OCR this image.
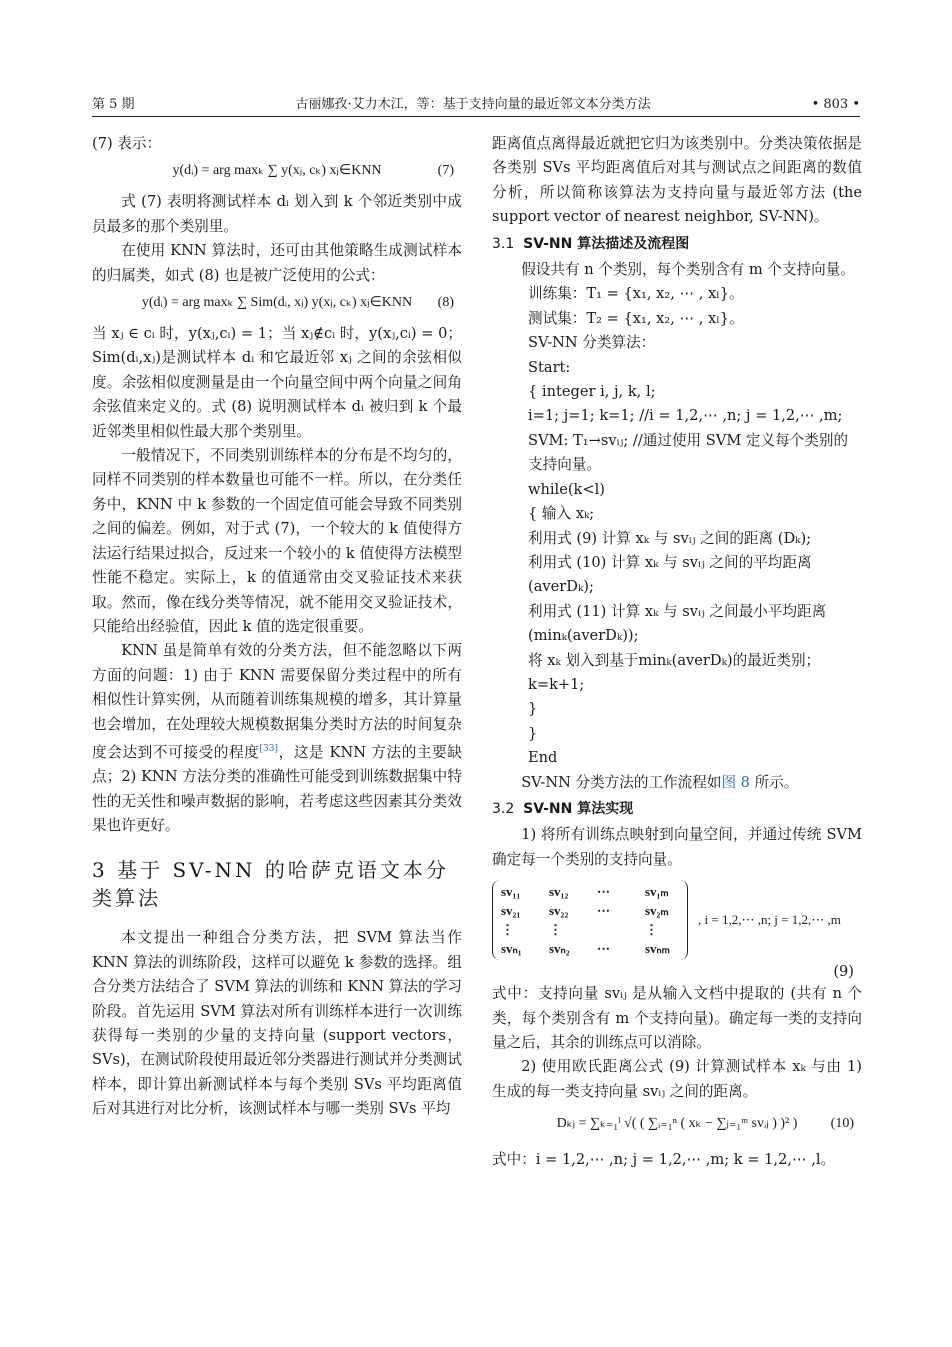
第 5 期	古丽娜孜·艾力木江，等：基于支持向量的最近邻文本分类方法	• 803 •

(7) 表示：

y(dᵢ) = arg maxₖ ∑ y(xⱼ, cₖ) xⱼ∈KNN	(7)

式 (7) 表明将测试样本 dᵢ 划入到 k 个邻近类别中成员最多的那个类别里。

在使用 KNN 算法时，还可由其他策略生成测试样本的归属类，如式 (8) 也是被广泛使用的公式：

y(dᵢ) = arg maxₖ ∑ Sim(dᵢ, xⱼ) y(xⱼ, cₖ) xⱼ∈KNN (8)

当 xⱼ ∈ cᵢ 时，y(xⱼ,cᵢ) = 1；当 xⱼ∉cᵢ 时，y(xⱼ,cᵢ) = 0；Sim(dᵢ,xⱼ)是测试样本 dᵢ 和它最近邻 xⱼ 之间的余弦相似度。余弦相似度测量是由一个向量空间中两个向量之间角余弦值来定义的。式 (8) 说明测试样本 dᵢ 被归到 k 个最近邻类里相似性最大那个类别里。

一般情况下，不同类别训练样本的分布是不均匀的，同样不同类别的样本数量也可能不一样。所以，在分类任务中，KNN 中 k 参数的一个固定值可能会导致不同类别之间的偏差。例如，对于式 (7)，一个较大的 k 值使得方法运行结果过拟合，反过来一个较小的 k 值使得方法模型性能不稳定。实际上，k 的值通常由交叉验证技术来获取。然而，像在线分类等情况，就不能用交叉验证技术，只能给出经验值，因此 k 值的选定很重要。

KNN 虽是简单有效的分类方法，但不能忽略以下两方面的问题：1) 由于 KNN 需要保留分类过程中的所有相似性计算实例，从而随着训练集规模的增多，其计算量也会增加，在处理较大规模数据集分类时方法的时间复杂度会达到不可接受的程度[33]，这是 KNN 方法的主要缺点；2) KNN 方法分类的准确性可能受到训练数据集中特性的无关性和噪声数据的影响，若考虑这些因素其分类效果也许更好。

3 基于 SV-NN 的哈萨克语文本分类算法

本文提出一种组合分类方法，把 SVM 算法当作 KNN 算法的训练阶段，这样可以避免 k 参数的选择。组合分类方法结合了 SVM 算法的训练和 KNN 算法的学习阶段。首先运用 SVM 算法对所有训练样本进行一次训练获得每一类别的少量的支持向量 (support vectors，SVs)，在测试阶段使用最近邻分类器进行测试并分类测试样本，即计算出新测试样本与每个类别 SVs 平均距离值后对其进行对比分析，该测试样本与哪一类别 SVs 平均

距离值点离得最近就把它归为该类别中。分类决策依据是各类别 SVs 平均距离值后对其与测试点之间距离的数值分析，所以简称该算法为支持向量与最近邻方法 (the support vector of nearest neighbor, SV-NN)。

3.1 SV-NN 算法描述及流程图

假设共有 n 个类别，每个类别含有 m 个支持向量。

训练集：T₁ = {x₁, x₂, ⋯ , xₗ}。

测试集：T₂ = {x₁, x₂, ⋯ , xₗ}。

SV-NN 分类算法：

Start:

{ integer i, j, k, l;

i=1; j=1; k=1; //i = 1,2,⋯ ,n; j = 1,2,⋯ ,m;

SVM: T₁→svᵢⱼ; //通过使用 SVM 定义每个类别的支持向量。

while(k<l)

{ 输入 xₖ;

利用式 (9) 计算 xₖ 与 svᵢⱼ 之间的距离 (Dₖ);

利用式 (10) 计算 xₖ 与 svᵢⱼ 之间的平均距离 (averDₖ);

利用式 (11) 计算 xₖ 与 svᵢⱼ 之间最小平均距离 (minₖ(averDₖ));

将 xₖ 划入到基于minₖ(averDₖ)的最近类别；

k=k+1;

}

}

End

SV-NN 分类方法的工作流程如图 8 所示。

3.2 SV-NN 算法实现

1) 将所有训练点映射到向量空间，并通过传统 SVM 确定每一个类别的支持向量。

sv₁₁	sv₁₂	⋯	sv₁ₘ
sv₂₁	sv₂₂	⋯	sv₂ₘ
⋮	⋮	⋮
svₙ₁	svₙ₂	⋯	svₙₘ
, i = 1,2,⋯ ,n; j = 1,2,⋯ ,m
(9)

式中：支持向量 svᵢⱼ 是从输入文档中提取的 (共有 n 个类，每个类别含有 m 个支持向量)。确定每一类的支持向量之后，其余的训练点可以消除。

2) 使用欧氏距离公式 (9) 计算测试样本 xₖ 与由 1) 生成的每一类支持向量 svᵢⱼ 之间的距离。

Dₖⱼ = ∑ₖ₌₁ˡ √( ( ∑ᵢ₌₁ⁿ ( xₖ − ∑ⱼ₌₁ᵐ svᵢⱼ ) )² ) (10)

式中：i = 1,2,⋯ ,n; j = 1,2,⋯ ,m; k = 1,2,⋯ ,l。
